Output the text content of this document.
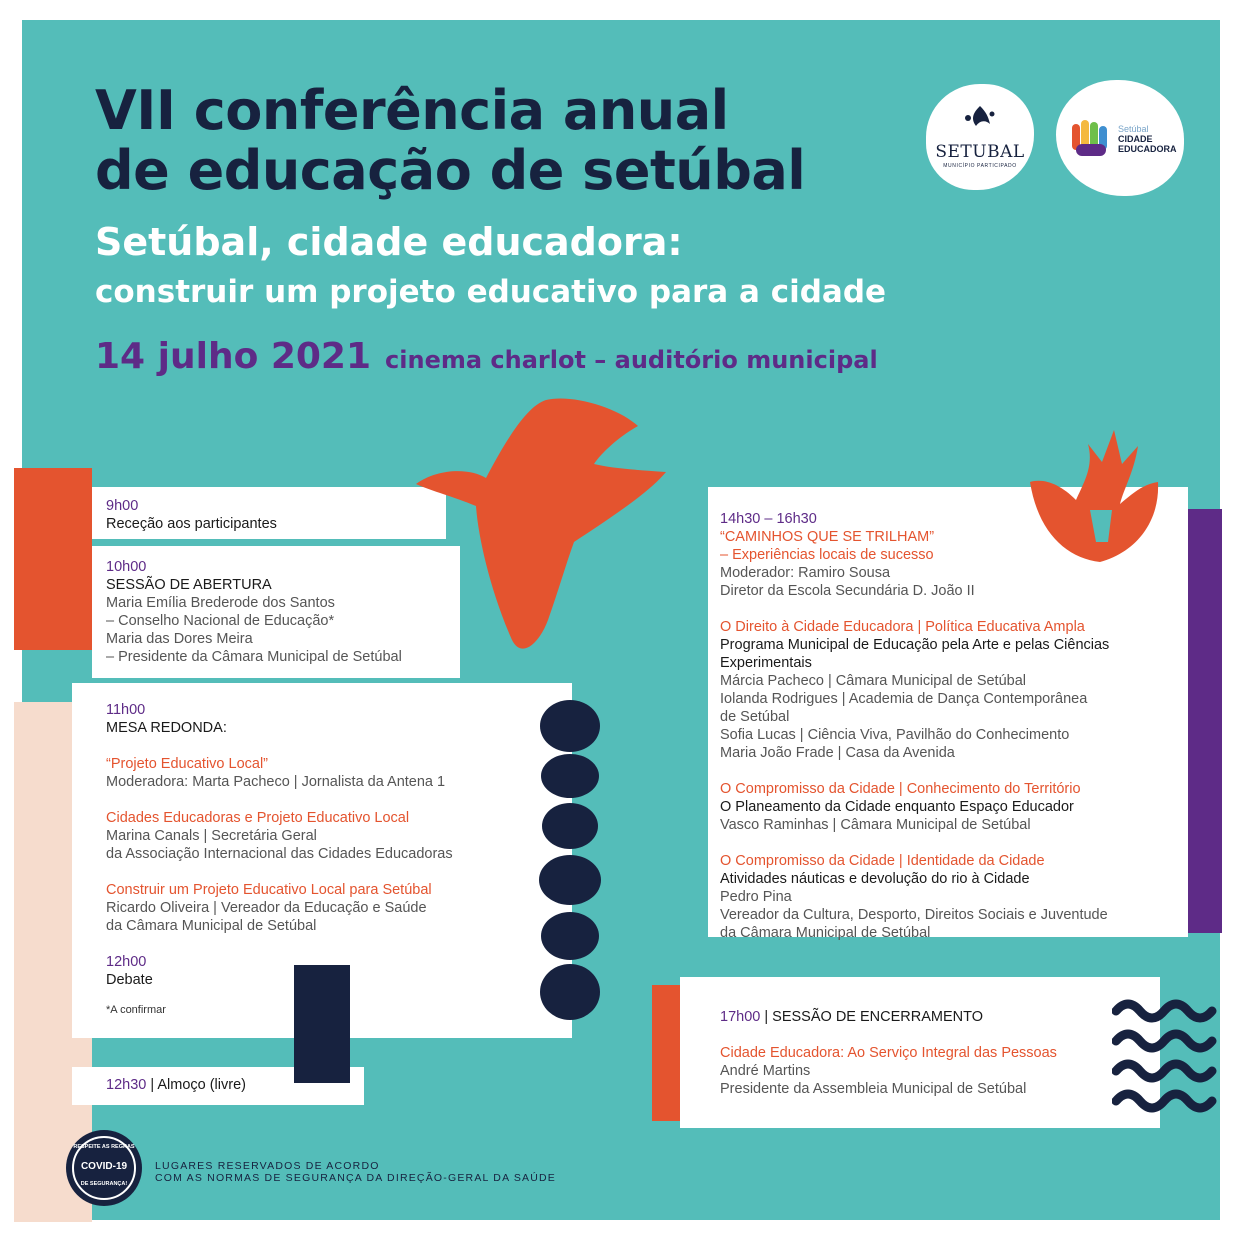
VII conferência anual
de educação de setúbal
Setúbal, cidade educadora:
construir um projeto educativo para a cidade
14 julho 2021 cinema charlot – auditório municipal
SETUBAL
MUNICÍPIO PARTICIPADO
Setúbal
CIDADE
EDUCADORA
9h00
Receção aos participantes
10h00
SESSÃO DE ABERTURA
Maria Emília Brederode dos Santos
– Conselho Nacional de Educação*
Maria das Dores Meira
– Presidente da Câmara Municipal de Setúbal
11h00
MESA REDONDA:
“Projeto Educativo Local”
Moderadora: Marta Pacheco | Jornalista da Antena 1
Cidades Educadoras e Projeto Educativo Local
Marina Canals | Secretária Geral
da Associação Internacional das Cidades Educadoras
Construir um Projeto Educativo Local para Setúbal
Ricardo Oliveira | Vereador da Educação e Saúde
da Câmara Municipal de Setúbal
12h00
Debate
*A confirmar
12h30 | Almoço (livre)
14h30 – 16h30
“CAMINHOS QUE SE TRILHAM”
– Experiências locais de sucesso
Moderador: Ramiro Sousa
Diretor da Escola Secundária D. João II
O Direito à Cidade Educadora | Política Educativa Ampla
Programa Municipal de Educação pela Arte e pelas Ciências
Experimentais
Márcia Pacheco | Câmara Municipal de Setúbal
Iolanda Rodrigues | Academia de Dança Contemporânea
de Setúbal
Sofia Lucas | Ciência Viva, Pavilhão do Conhecimento
Maria João Frade | Casa da Avenida
O Compromisso da Cidade | Conhecimento do Território
O Planeamento da Cidade enquanto Espaço Educador
Vasco Raminhas | Câmara Municipal de Setúbal
O Compromisso da Cidade | Identidade da Cidade
Atividades náuticas e devolução do rio à Cidade
Pedro Pina
Vereador da Cultura, Desporto, Direitos Sociais e Juventude
da Câmara Municipal de Setúbal
17h00 | SESSÃO DE ENCERRAMENTO
Cidade Educadora: Ao Serviço Integral das Pessoas
André Martins
Presidente da Assembleia Municipal de Setúbal
RESPEITE AS REGRAS
COVID-19
DE SEGURANÇA!
LUGARES RESERVADOS DE ACORDO
COM AS NORMAS DE SEGURANÇA DA DIREÇÃO-GERAL DA SAÚDE
